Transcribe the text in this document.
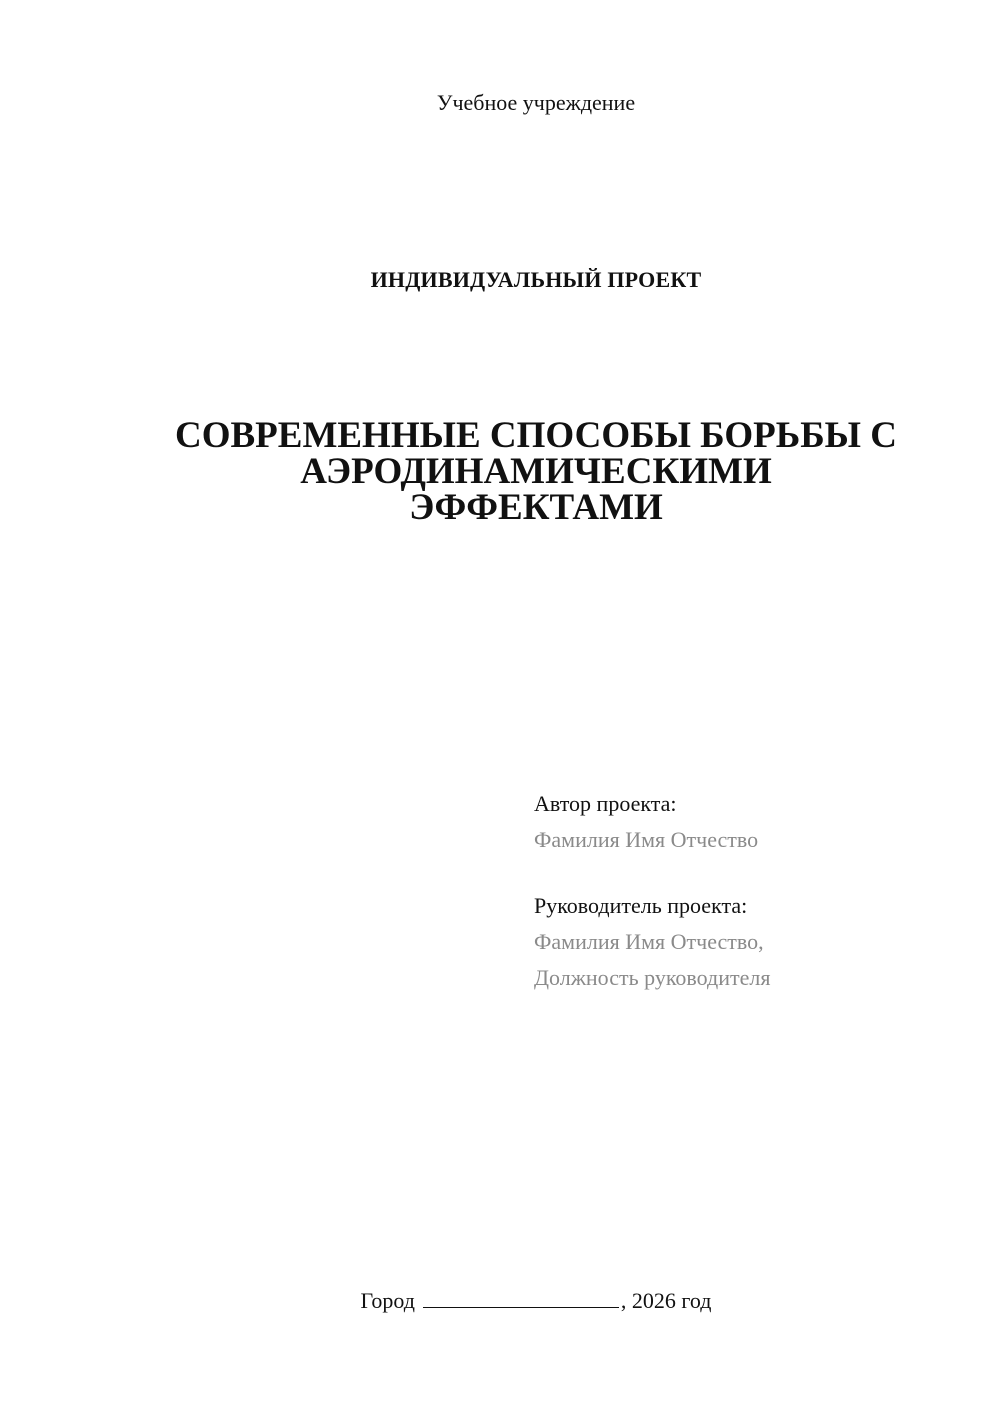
Учебное учреждение
ИНДИВИДУАЛЬНЫЙ ПРОЕКТ
СОВРЕМЕННЫЕ СПОСОБЫ БОРЬБЫ С
АЭРОДИНАМИЧЕСКИМИ
ЭФФЕКТАМИ
Автор проекта:
Фамилия Имя Отчество
Руководитель проекта:
Фамилия Имя Отчество,
Должность руководителя
Город	, 2026 год
